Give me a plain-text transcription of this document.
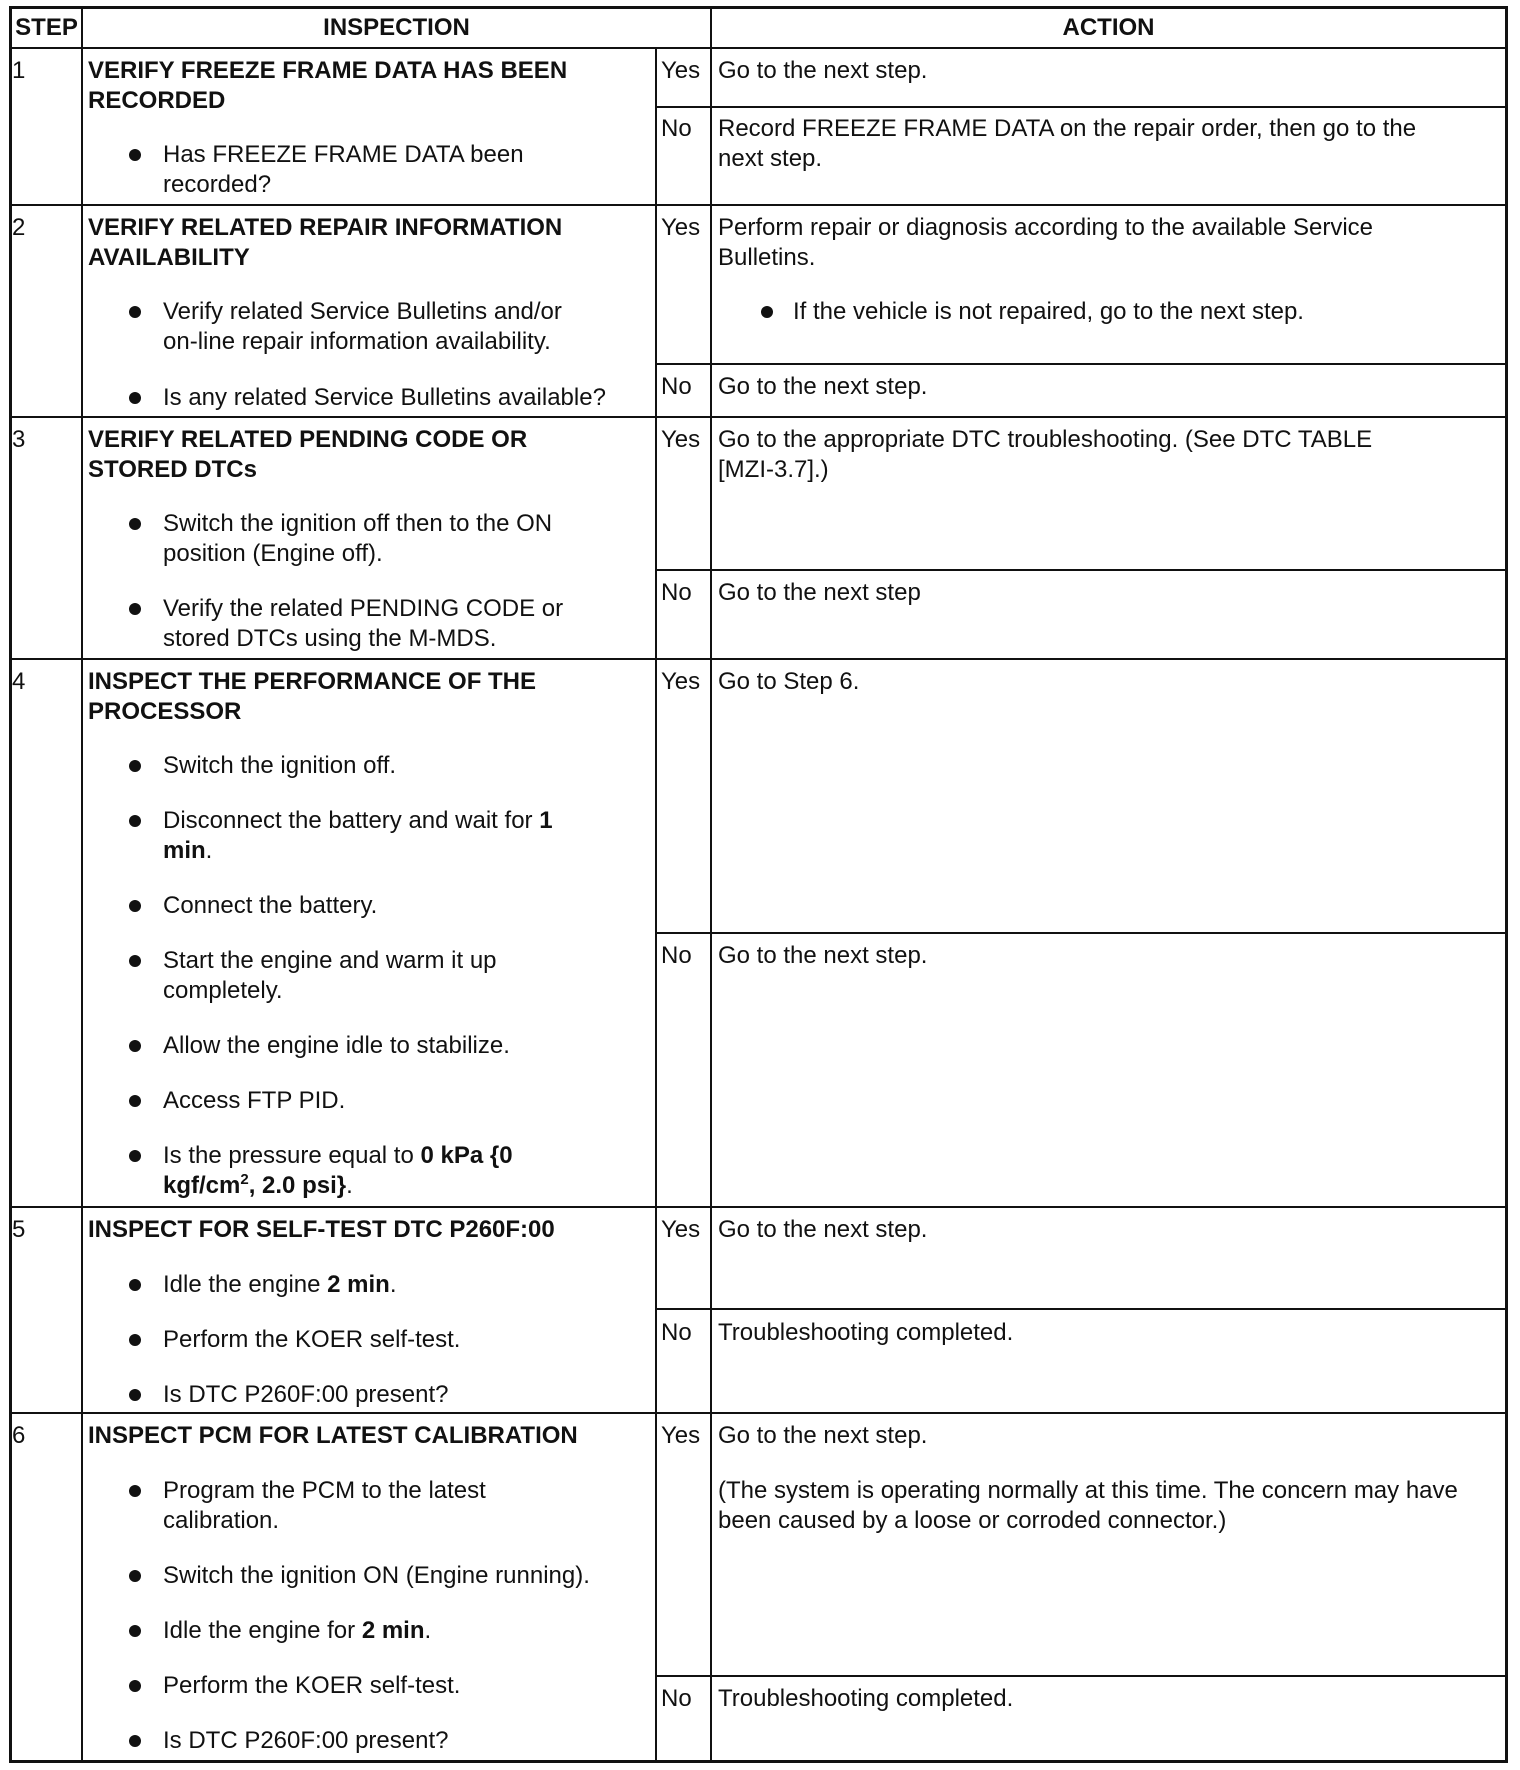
STEP	INSPECTION	ACTION
1	VERIFY FREEZE FRAME DATA HAS BEEN
RECORDED
Has FREEZE FRAME DATA been
recorded?
Yes Go to the next step.
No Record FREEZE FRAME DATA on the repair order, then go to the
next step.
2	VERIFY RELATED REPAIR INFORMATION
AVAILABILITY
Verify related Service Bulletins and/or
on-line repair information availability.
Is any related Service Bulletins available?
Yes Perform repair or diagnosis according to the available Service
Bulletins.
If the vehicle is not repaired, go to the next step.
No Go to the next step.
3	VERIFY RELATED PENDING CODE OR
STORED DTCs
Switch the ignition off then to the ON
position (Engine off).
Verify the related PENDING CODE or
stored DTCs using the M-MDS.
Yes Go to the appropriate DTC troubleshooting. (See DTC TABLE
[MZI-3.7].)
No Go to the next step
4	INSPECT THE PERFORMANCE OF THE
PROCESSOR
Switch the ignition off.
Disconnect the battery and wait for 1
min.
Connect the battery.
Start the engine and warm it up
completely.
Allow the engine idle to stabilize.
Access FTP PID.
Is the pressure equal to 0 kPa {0
kgf/$cm^2$, 2.0 psi}.
Yes Go to Step 6.
No Go to the next step.
5	INSPECT FOR SELF-TEST DTC P260F:00
Idle the engine 2 min.
Perform the KOER self-test.
Is DTC P260F:00 present?
Yes Go to the next step.
No Troubleshooting completed.
6	INSPECT PCM FOR LATEST CALIBRATION
Program the PCM to the latest
calibration.
Switch the ignition ON (Engine running).
Idle the engine for 2 min.
Perform the KOER self-test.
Is DTC P260F:00 present?
Yes Go to the next step.
(The system is operating normally at this time. The concern may have
been caused by a loose or corroded connector.)
No Troubleshooting completed.
